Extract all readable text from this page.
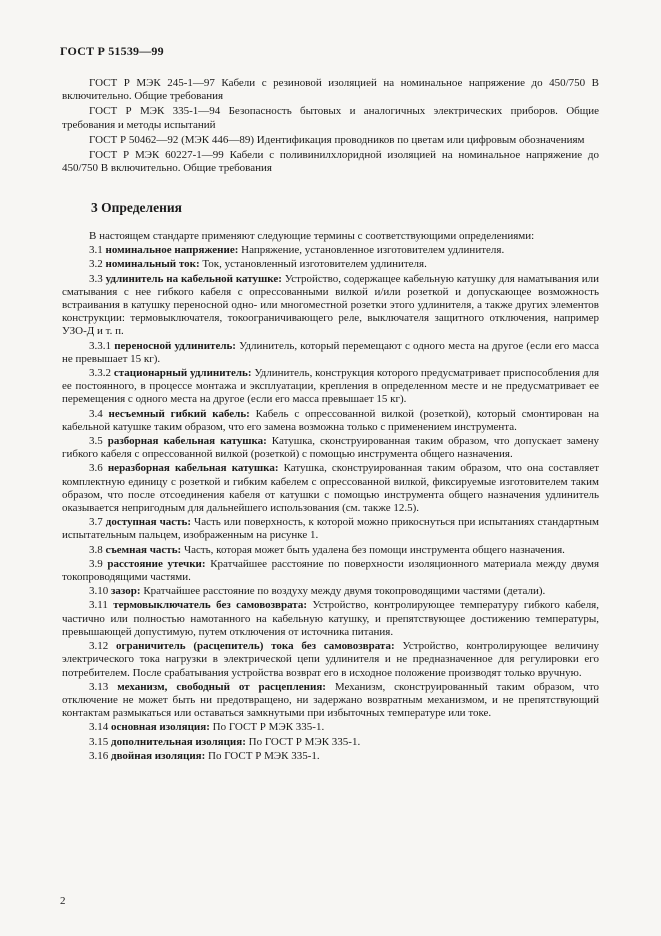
ГОСТ Р 51539—99

ГОСТ Р МЭК 245-1—97 Кабели с резиновой изоляцией на номинальное напряжение до 450/750 В включительно. Общие требования

ГОСТ Р МЭК 335-1—94 Безопасность бытовых и аналогичных электрических приборов. Общие требования и методы испытаний

ГОСТ Р 50462—92 (МЭК 446—89) Идентификация проводников по цветам или цифровым обозначениям

ГОСТ Р МЭК 60227-1—99 Кабели с поливинилхлоридной изоляцией на номинальное напряжение до 450/750 В включительно. Общие требования

3 Определения

В настоящем стандарте применяют следующие термины с соответствующими определениями:

3.1 номинальное напряжение: Напряжение, установленное изготовителем удлинителя.

3.2 номинальный ток: Ток, установленный изготовителем удлинителя.

3.3 удлинитель на кабельной катушке: Устройство, содержащее кабельную катушку для наматывания или сматывания с нее гибкого кабеля с опрессованными вилкой и/или розеткой и допускающее возможность встраивания в катушку переносной одно- или многоместной розетки этого удлинителя, а также других элементов конструкции: термовыключателя, токоограничивающего реле, выключателя защитного отключения, например УЗО-Д и т. п.

3.3.1 переносной удлинитель: Удлинитель, который перемещают с одного места на другое (если его масса не превышает 15 кг).

3.3.2 стационарный удлинитель: Удлинитель, конструкция которого предусматривает приспособления для ее постоянного, в процессе монтажа и эксплуатации, крепления в определенном месте и не предусматривает ее перемещения с одного места на другое (если его масса превышает 15 кг).

3.4 несъемный гибкий кабель: Кабель с опрессованной вилкой (розеткой), который смонтирован на кабельной катушке таким образом, что его замена возможна только с применением инструмента.

3.5 разборная кабельная катушка: Катушка, сконструированная таким образом, что допускает замену гибкого кабеля с опрессованной вилкой (розеткой) с помощью инструмента общего назначения.

3.6 неразборная кабельная катушка: Катушка, сконструированная таким образом, что она составляет комплектную единицу с розеткой и гибким кабелем с опрессованной вилкой, фиксируемые изготовителем таким образом, что после отсоединения кабеля от катушки с помощью инструмента общего назначения удлинитель оказывается непригодным для дальнейшего использования (см. также 12.5).

3.7 доступная часть: Часть или поверхность, к которой можно прикоснуться при испытаниях стандартным испытательным пальцем, изображенным на рисунке 1.

3.8 съемная часть: Часть, которая может быть удалена без помощи инструмента общего назначения.

3.9 расстояние утечки: Кратчайшее расстояние по поверхности изоляционного материала между двумя токопроводящими частями.

3.10 зазор: Кратчайшее расстояние по воздуху между двумя токопроводящими частями (детали).

3.11 термовыключатель без самовозврата: Устройство, контролирующее температуру гибкого кабеля, частично или полностью намотанного на кабельную катушку, и препятствующее достижению температуры, превышающей допустимую, путем отключения от источника питания.

3.12 ограничитель (расцепитель) тока без самовозврата: Устройство, контролирующее величину электрического тока нагрузки в электрической цепи удлинителя и не предназначенное для регулировки его потребителем. После срабатывания устройства возврат его в исходное положение производят только вручную.

3.13 механизм, свободный от расцепления: Механизм, сконструированный таким образом, что отключение не может быть ни предотвращено, ни задержано возвратным механизмом, и не препятствующий контактам размыкаться или оставаться замкнутыми при избыточных температуре или токе.

3.14 основная изоляция: По ГОСТ Р МЭК 335-1.

3.15 дополнительная изоляция: По ГОСТ Р МЭК 335-1.

3.16 двойная изоляция: По ГОСТ Р МЭК 335-1.

2
